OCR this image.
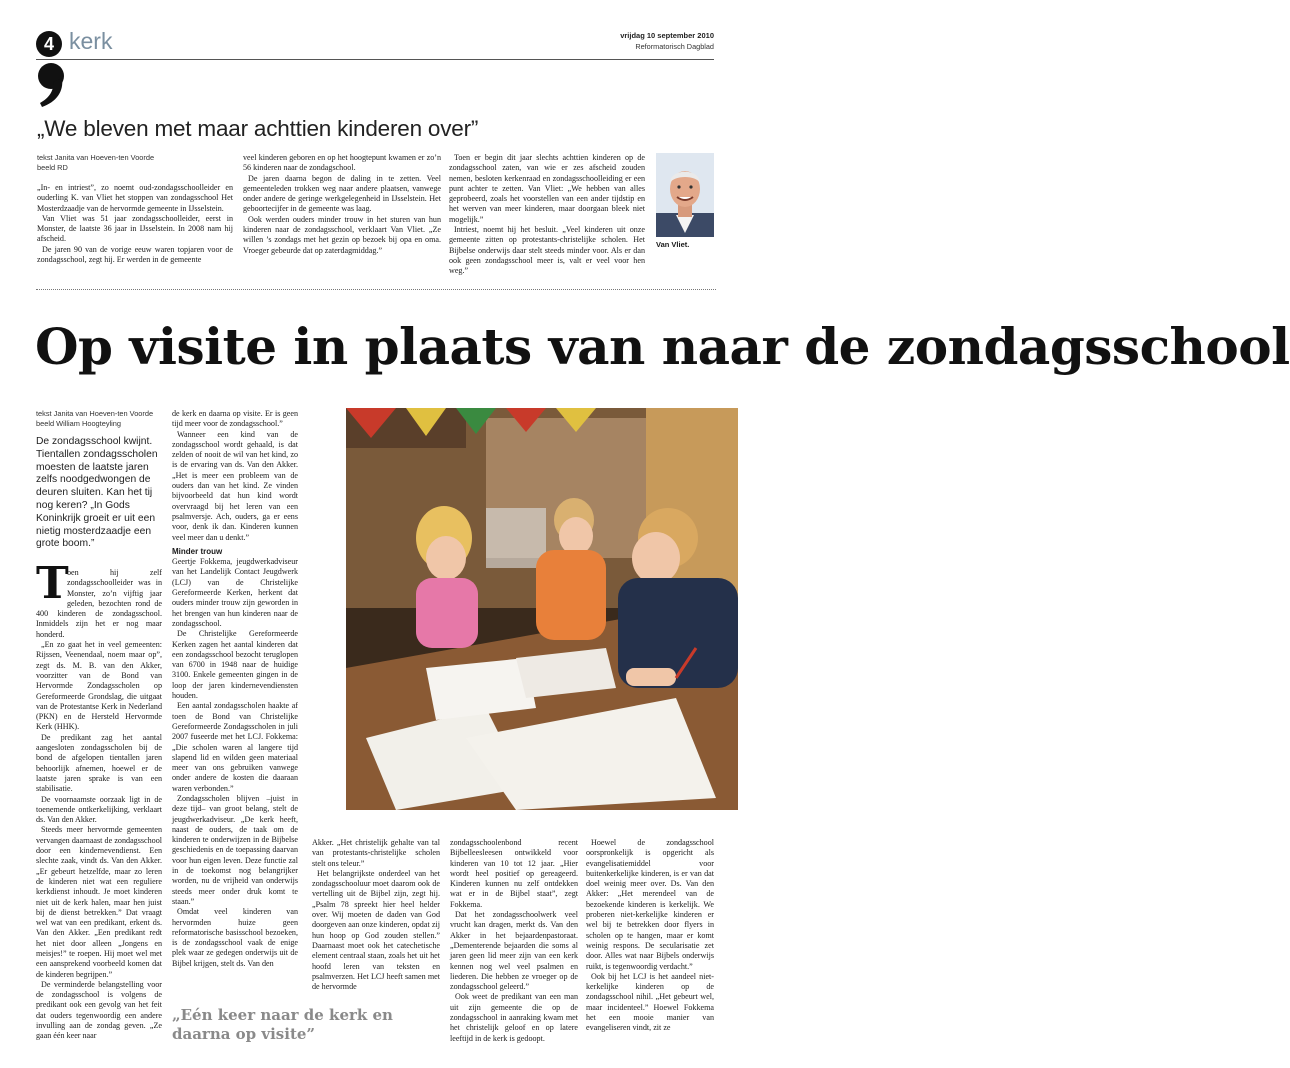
4 kerk	vrijdag 10 september 2010
Reformatorisch Dagblad
„We bleven met maar achttien kinderen over”
tekst Janita van Hoeven-ten Voorde
beeld RD

„In- en intriest”, zo noemt oud-zondagsschoolleider en ouderling K. van Vliet het stoppen van zondagsschool Het Mosterdzaadje van de hervormde gemeente in IJsselstein.

Van Vliet was 51 jaar zondagsschoolleider, eerst in Monster, de laatste 36 jaar in IJsselstein. In 2008 nam hij afscheid.

De jaren 90 van de vorige eeuw waren topjaren voor de zondagsschool, zegt hij. Er werden in de gemeente

veel kinderen geboren en op het hoogtepunt kwamen er zo’n 56 kinderen naar de zondagschool.

De jaren daarna begon de daling in te zetten. Veel gemeenteleden trokken weg naar andere plaatsen, vanwege onder andere de geringe werkgelegenheid in IJsselstein. Het geboortecijfer in de gemeente was laag.

Ook werden ouders minder trouw in het sturen van hun kinderen naar de zondagsschool, verklaart Van Vliet. „Ze willen ’s zondags met het gezin op bezoek bij opa en oma. Vroeger gebeurde dat op zaterdagmiddag.”

Toen er begin dit jaar slechts achttien kinderen op de zondagsschool zaten, van wie er zes afscheid zouden nemen, besloten kerkenraad en zondagsschoolleiding er een punt achter te zetten. Van Vliet: „We hebben van alles geprobeerd, zoals het voorstellen van een ander tijdstip en het werven van meer kinderen, maar doorgaan bleek niet mogelijk.”

Intriest, noemt hij het besluit. „Veel kinderen uit onze gemeente zitten op protestants-christelijke scholen. Het Bijbelse onderwijs daar stelt steeds minder voor. Als er dan ook geen zondagsschool meer is, valt er veel voor hen weg.”

Van Vliet.
Op visite in plaats van naar de zondagsschool
tekst Janita van Hoeven-ten Voorde
beeld William Hoogteyling
De zondagsschool kwijnt. Tientallen zondagsscholen moesten de laatste jaren zelfs noodgedwongen de deuren sluiten. Kan het tij nog keren? „In Gods Koninkrijk groeit er uit een nietig mosterdzaadje een grote boom.”
T

oen hij zelf zondagsschoolleider was in Monster, zo’n vijftig jaar geleden, bezochten rond de 400 kinderen de zondagsschool. Inmiddels zijn het er nog maar honderd.

„En zo gaat het in veel gemeenten: Rijssen, Veenendaal, noem maar op”, zegt ds. M. B. van den Akker, voorzitter van de Bond van Hervormde Zondagsscholen op Gereformeerde Grondslag, die uitgaat van de Protestantse Kerk in Nederland (PKN) en de Hersteld Hervormde Kerk (HHK).

De predikant zag het aantal aangesloten zondagsscholen bij de bond de afgelopen tientallen jaren behoorlijk afnemen, hoewel er de laatste jaren sprake is van een stabilisatie.

De voornaamste oorzaak ligt in de toenemende ontkerkelijking, verklaart ds. Van den Akker.

Steeds meer hervormde gemeenten vervangen daarnaast de zondagsschool door een kindernevendienst. Een slechte zaak, vindt ds. Van den Akker. „Er gebeurt hetzelfde, maar zo leren de kinderen niet wat een reguliere kerkdienst inhoudt. Je moet kinderen niet uit de kerk halen, maar hen juist bij de dienst betrekken.” Dat vraagt wel wat van een predikant, erkent ds. Van den Akker. „Een predikant redt het niet door alleen „Jongens en meisjes!” te roepen. Hij moet wel met een aansprekend voorbeeld komen dat de kinderen begrijpen.”

De verminderde belangstelling voor de zondagsschool is volgens de predikant ook een gevolg van het feit dat ouders tegenwoordig een andere invulling aan de zondag geven. „Ze gaan één keer naar

de kerk en daarna op visite. Er is geen tijd meer voor de zondagsschool.”

Wanneer een kind van de zondagsschool wordt gehaald, is dat zelden of nooit de wil van het kind, zo is de ervaring van ds. Van den Akker. „Het is meer een probleem van de ouders dan van het kind. Ze vinden bijvoorbeeld dat hun kind wordt overvraagd bij het leren van een psalmversje. Ach, ouders, ga er eens voor, denk ik dan. Kinderen kunnen veel meer dan u denkt.”

Minder trouw

Geertje Fokkema, jeugdwerkadviseur van het Landelijk Contact Jeugdwerk (LCJ) van de Christelijke Gereformeerde Kerken, herkent dat ouders minder trouw zijn geworden in het brengen van hun kinderen naar de zondagsschool.

De Christelijke Gereformeerde Kerken zagen het aantal kinderen dat een zondagsschool bezocht teruglopen van 6700 in 1948 naar de huidige 3100. Enkele gemeenten gingen in de loop der jaren kindernevendiensten houden.

Een aantal zondagsscholen haakte af toen de Bond van Christelijke Gereformeerde Zondagsscholen in juli 2007 fuseerde met het LCJ. Fokkema: „Die scholen waren al langere tijd slapend lid en wilden geen materiaal meer van ons gebruiken vanwege onder andere de kosten die daaraan waren verbonden.”

Zondagsscholen blijven –juist in deze tijd– van groot belang, stelt de jeugdwerkadviseur. „De kerk heeft, naast de ouders, de taak om de kinderen te onderwijzen in de Bijbelse geschiedenis en de toepassing daarvan voor hun eigen leven. Deze functie zal in de toekomst nog belangrijker worden, nu de vrijheid van onderwijs steeds meer onder druk komt te staan.”

Omdat veel kinderen van hervormden huize geen reformatorische basisschool bezoeken, is de zondagsschool vaak de enige plek waar ze gedegen onderwijs uit de Bijbel krijgen, stelt ds. Van den

„Eén keer naar de kerk en daarna op visite”

Akker. „Het christelijk gehalte van tal van protestants-christelijke scholen stelt ons teleur.”

Het belangrijkste onderdeel van het zondagsschooluur moet daarom ook de vertelling uit de Bijbel zijn, zegt hij. „Psalm 78 spreekt hier heel helder over. Wij moeten de daden van God doorgeven aan onze kinderen, opdat zij hun hoop op God zouden stellen.” Daarnaast moet ook het catechetische element centraal staan, zoals het uit het hoofd leren van teksten en psalmverzen. Het LCJ heeft samen met de hervormde

zondagsschoolenbond recent Bijbelleesleesen ontwikkeld voor kinderen van 10 tot 12 jaar. „Hier wordt heel positief op gereageerd. Kinderen kunnen nu zelf ontdekken wat er in de Bijbel staat”, zegt Fokkema.

Dat het zondagsschoolwerk veel vrucht kan dragen, merkt ds. Van den Akker in het bejaardenpastoraat. „Dementerende bejaarden die soms al jaren geen lid meer zijn van een kerk kennen nog wel veel psalmen en liederen. Die hebben ze vroeger op de zondagsschool geleerd.”

Ook weet de predikant van een man uit zijn gemeente die op de zondagsschool in aanraking kwam met het christelijk geloof en op latere leeftijd in de kerk is gedoopt.

Hoewel de zondagsschool oorspronkelijk is opgericht als evangelisatiemiddel voor buitenkerkelijke kinderen, is er van dat doel weinig meer over. Ds. Van den Akker: „Het merendeel van de bezoekende kinderen is kerkelijk. We proberen niet-kerkelijke kinderen er wel bij te betrekken door flyers in scholen op te hangen, maar er komt weinig respons. De secularisatie zet door. Alles wat naar Bijbels onderwijs ruikt, is tegenwoordig verdacht.”

Ook bij het LCJ is het aandeel niet-kerkelijke kinderen op de zondagsschool nihil. „Het gebeurt wel, maar incidenteel.” Hoewel Fokkema het een mooie manier van evangeliseren vindt, zit ze
